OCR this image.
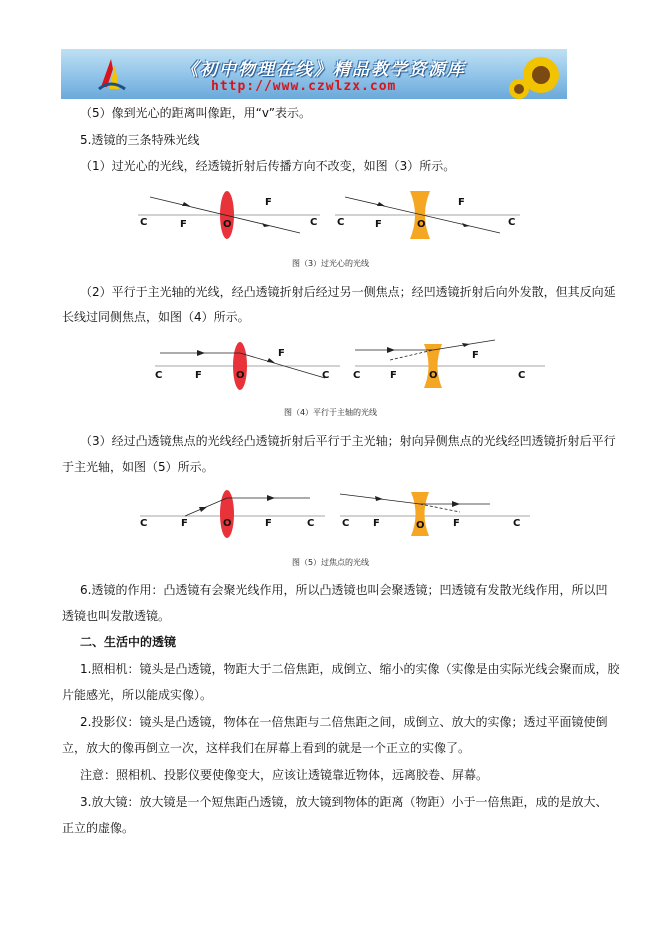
《初中物理在线》精品教学资源库
http://www.czwlzx.com
（5）像到光心的距离叫像距，用“v”表示。
5.透镜的三条特殊光线
（1）过光心的光线，经透镜折射后传播方向不改变，如图（3）所示。
C	F	O
F
C C	F	O
F
C
图（3）过光心的光线
（2）平行于主光轴的光线，经凸透镜折射后经过另一侧焦点；经凹透镜折射后向外发散，但其反向延
长线过同侧焦点，如图（4）所示。
C	F	O
F
C C	F	O
F
C
图（4）平行于主轴的光线
（3）经过凸透镜焦点的光线经凸透镜折射后平行于主光轴；射向异侧焦点的光线经凹透镜折射后平行
于主光轴，如图（5）所示。
C	F	O	F	C	C F	O	F	C
图（5）过焦点的光线
6.透镜的作用：凸透镜有会聚光线作用，所以凸透镜也叫会聚透镜；凹透镜有发散光线作用，所以凹
透镜也叫发散透镜。
二、生活中的透镜
1.照相机：镜头是凸透镜，物距大于二倍焦距，成倒立、缩小的实像（实像是由实际光线会聚而成，胶
片能感光，所以能成实像）。
2.投影仪：镜头是凸透镜，物体在一倍焦距与二倍焦距之间，成倒立、放大的实像；透过平面镜使倒
立，放大的像再倒立一次，这样我们在屏幕上看到的就是一个正立的实像了。
注意：照相机、投影仪要使像变大，应该让透镜靠近物体，远离胶卷、屏幕。
3.放大镜：放大镜是一个短焦距凸透镜，放大镜到物体的距离（物距）小于一倍焦距，成的是放大、
正立的虚像。
